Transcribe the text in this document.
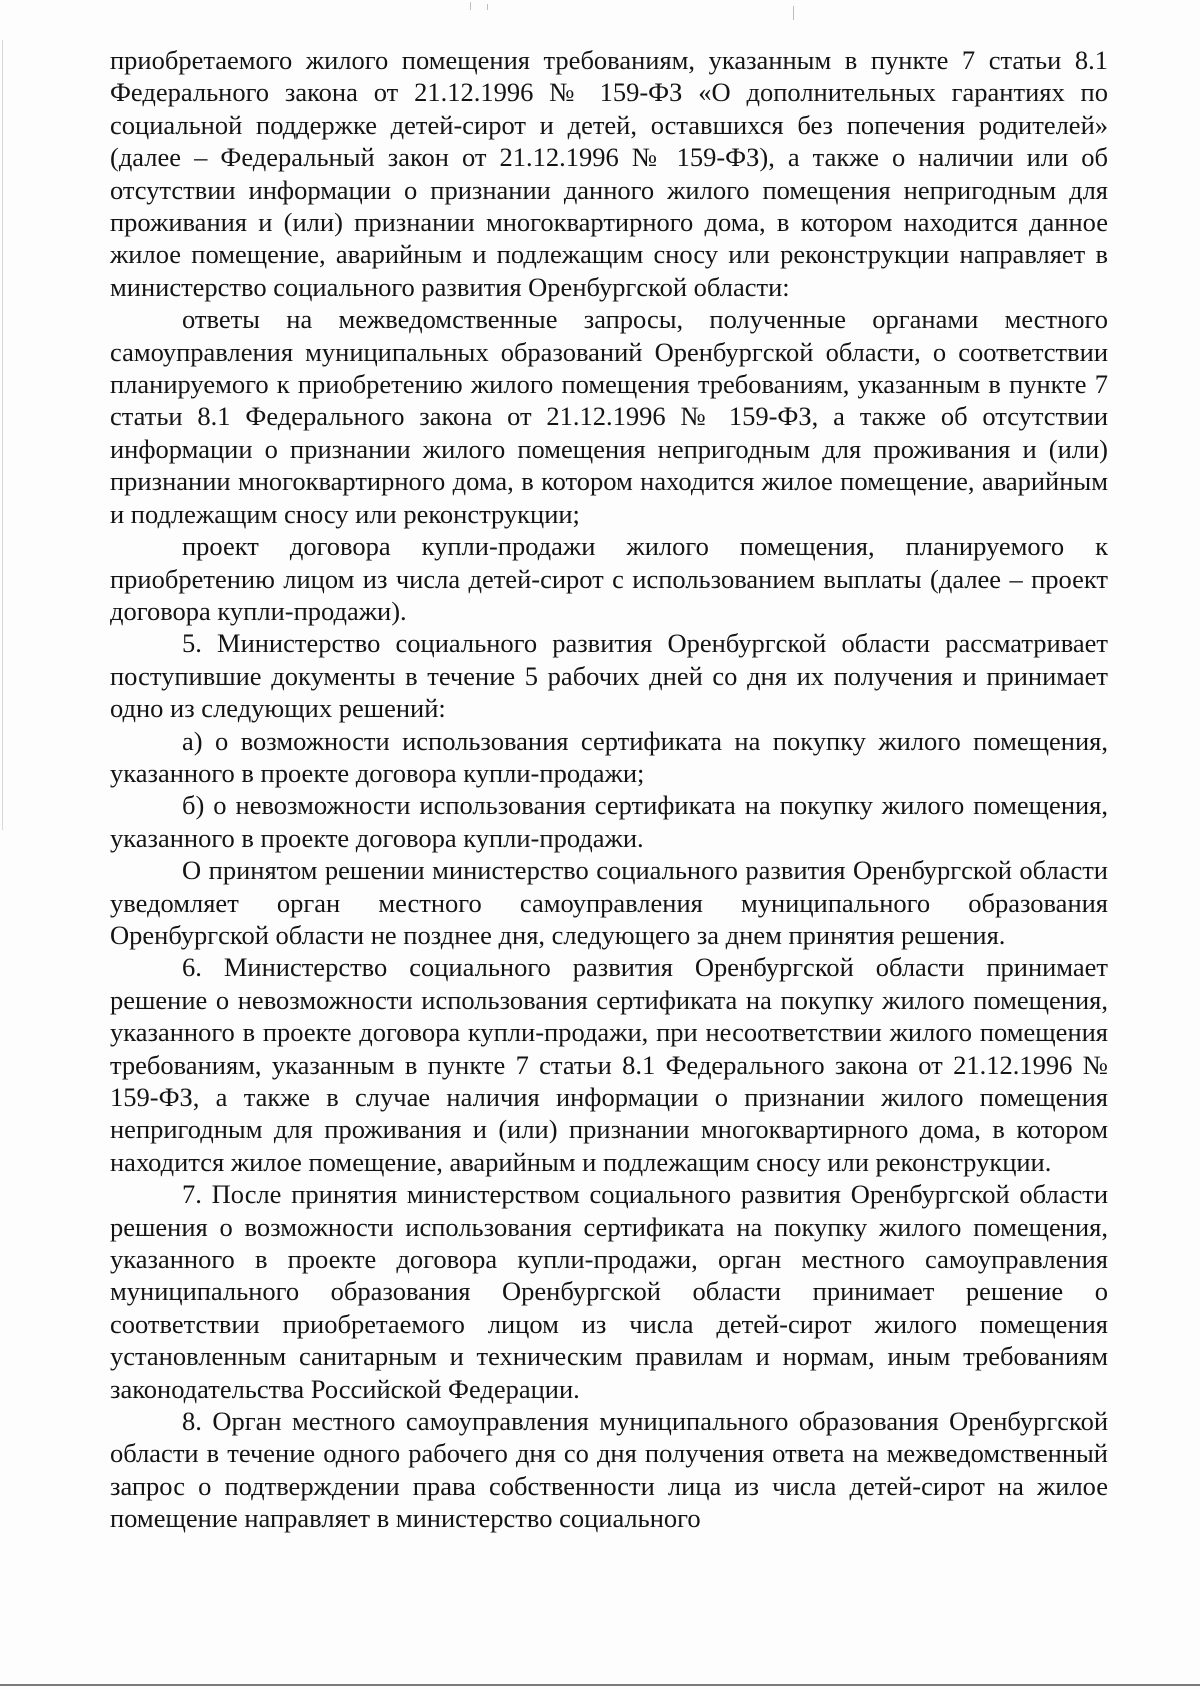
приобретаемого жилого помещения требованиям, указанным в пункте 7 статьи 8.1 Федерального закона от 21.12.1996 № 159-ФЗ «О дополнительных гарантиях по социальной поддержке детей-сирот и детей, оставшихся без попечения родителей» (далее – Федеральный закон от 21.12.1996 № 159-ФЗ), а также о наличии или об отсутствии информации о признании данного жилого помещения непригодным для проживания и (или) признании многоквартирного дома, в котором находится данное жилое помещение, аварийным и подлежащим сносу или реконструкции направляет в министерство социального развития Оренбургской области:

ответы на межведомственные запросы, полученные органами местного самоуправления муниципальных образований Оренбургской области, о соответствии планируемого к приобретению жилого помещения требованиям, указанным в пункте 7 статьи 8.1 Федерального закона от 21.12.1996 № 159-ФЗ, а также об отсутствии информации о признании жилого помещения непригодным для проживания и (или) признании многоквартирного дома, в котором находится жилое помещение, аварийным и подлежащим сносу или реконструкции;

проект договора купли-продажи жилого помещения, планируемого к приобретению лицом из числа детей-сирот с использованием выплаты (далее – проект договора купли-продажи).

5. Министерство социального развития Оренбургской области рассматривает поступившие документы в течение 5 рабочих дней со дня их получения и принимает одно из следующих решений:

а) о возможности использования сертификата на покупку жилого помещения, указанного в проекте договора купли-продажи;

б) о невозможности использования сертификата на покупку жилого помещения, указанного в проекте договора купли-продажи.

О принятом решении министерство социального развития Оренбургской области уведомляет орган местного самоуправления муниципального образования Оренбургской области не позднее дня, следующего за днем принятия решения.

6. Министерство социального развития Оренбургской области принимает решение о невозможности использования сертификата на покупку жилого помещения, указанного в проекте договора купли-продажи, при несоответствии жилого помещения требованиям, указанным в пункте 7 статьи 8.1 Федерального закона от 21.12.1996 № 159-ФЗ, а также в случае наличия информации о признании жилого помещения непригодным для проживания и (или) признании многоквартирного дома, в котором находится жилое помещение, аварийным и подлежащим сносу или реконструкции.

7. После принятия министерством социального развития Оренбургской области решения о возможности использования сертификата на покупку жилого помещения, указанного в проекте договора купли-продажи, орган местного самоуправления муниципального образования Оренбургской области принимает решение о соответствии приобретаемого лицом из числа детей-сирот жилого помещения установленным санитарным и техническим правилам и нормам, иным требованиям законодательства Российской Федерации.

8. Орган местного самоуправления муниципального образования Оренбургской области в течение одного рабочего дня со дня получения ответа на межведомственный запрос о подтверждении права собственности лица из числа детей-сирот на жилое помещение направляет в министерство социального
